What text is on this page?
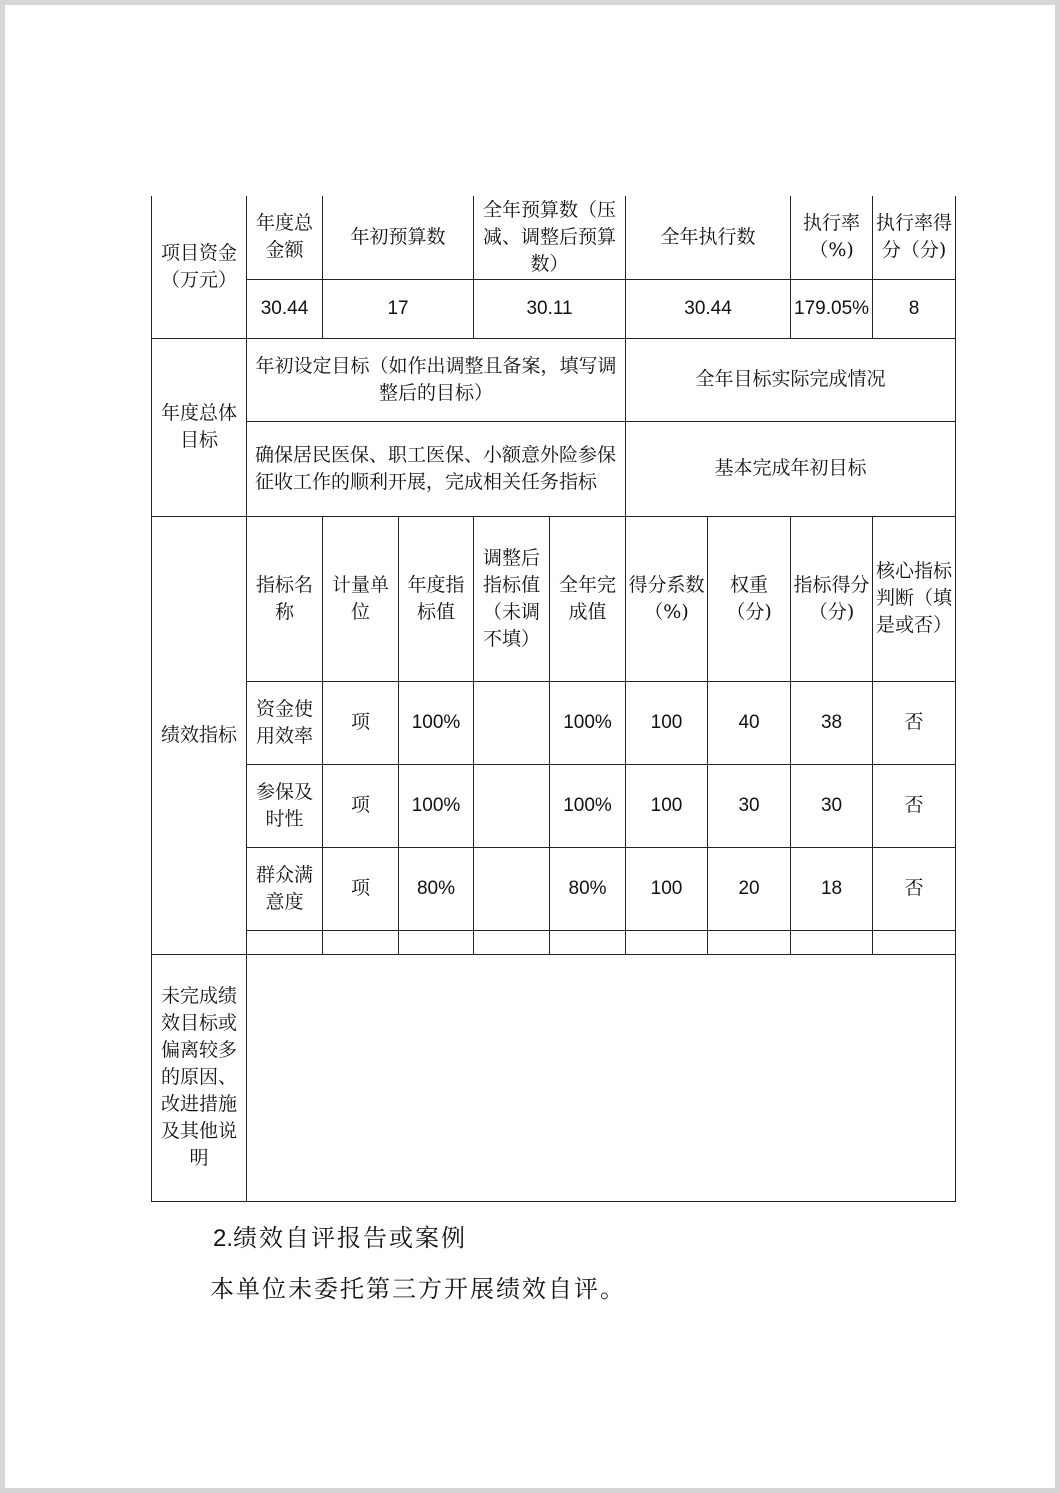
项目资金（万元）	年度总金额	年初预算数		全年预算数（压减、调整后预算数）		全年执行数		执行率（%)	执行率得分（分)
	30.44	17		30.11		30.44		179.05%	8
年度总体目标	年初设定目标（如作出调整且备案，填写调整后的目标）					全年目标实际完成情况			
	确保居民医保、职工医保、小额意外险参保征收工作的顺利开展，完成相关任务指标					基本完成年初目标			
绩效指标	指标名称	计量单位	年度指标值	调整后指标值（未调不填）	全年完成值	得分系数（%)	权重（分)	指标得分（分)	核心指标判断（填是或否）
	资金使用效率	项	100%		100%	100	40	38	否
	参保及时性	项	100%		100%	100	30	30	否
	群众满意度	项	80%		80%	100	20	18	否

未完成绩效目标或偏离较多的原因、改进措施及其他说明									
2.绩效自评报告或案例
本单位未委托第三方开展绩效自评。
